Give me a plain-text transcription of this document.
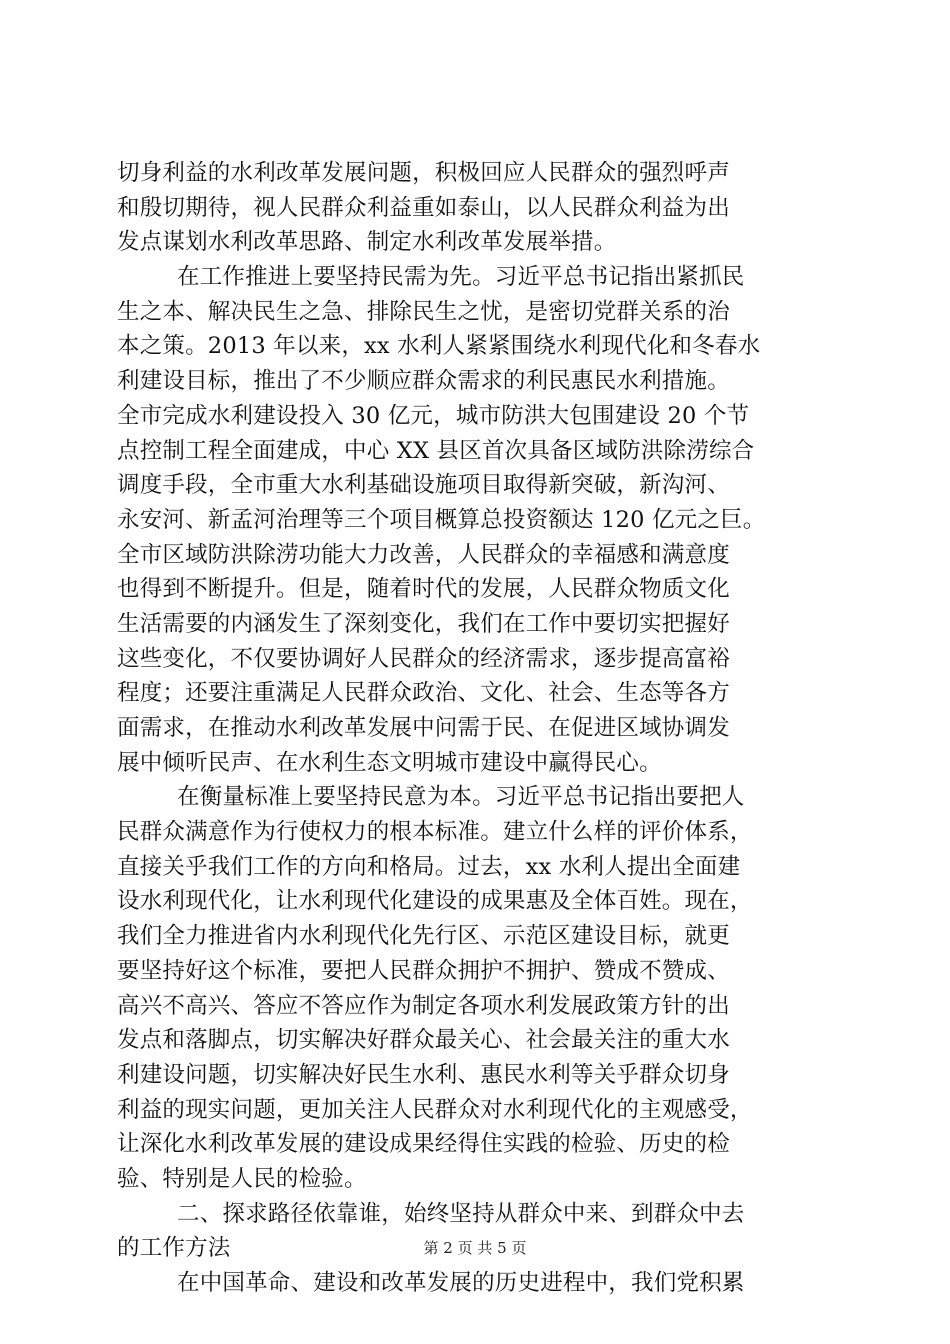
切身利益的水利改革发展问题，积极回应人民群众的强烈呼声
和殷切期待，视人民群众利益重如泰山，以人民群众利益为出
发点谋划水利改革思路、制定水利改革发展举措。
在工作推进上要坚持民需为先。习近平总书记指出紧抓民
生之本、解决民生之急、排除民生之忧，是密切党群关系的治
本之策。2013 年以来，xx 水利人紧紧围绕水利现代化和冬春水
利建设目标，推出了不少顺应群众需求的利民惠民水利措施。
全市完成水利建设投入 30 亿元，城市防洪大包围建设 20 个节
点控制工程全面建成，中心 XX 县区首次具备区域防洪除涝综合
调度手段，全市重大水利基础设施项目取得新突破，新沟河、
永安河、新孟河治理等三个项目概算总投资额达 120 亿元之巨。
全市区域防洪除涝功能大力改善，人民群众的幸福感和满意度
也得到不断提升。但是，随着时代的发展，人民群众物质文化
生活需要的内涵发生了深刻变化，我们在工作中要切实把握好
这些变化，不仅要协调好人民群众的经济需求，逐步提高富裕
程度；还要注重满足人民群众政治、文化、社会、生态等各方
面需求，在推动水利改革发展中问需于民、在促进区域协调发
展中倾听民声、在水利生态文明城市建设中赢得民心。
在衡量标准上要坚持民意为本。习近平总书记指出要把人
民群众满意作为行使权力的根本标准。建立什么样的评价体系，
直接关乎我们工作的方向和格局。过去，xx 水利人提出全面建
设水利现代化，让水利现代化建设的成果惠及全体百姓。现在，
我们全力推进省内水利现代化先行区、示范区建设目标，就更
要坚持好这个标准，要把人民群众拥护不拥护、赞成不赞成、
高兴不高兴、答应不答应作为制定各项水利发展政策方针的出
发点和落脚点，切实解决好群众最关心、社会最关注的重大水
利建设问题，切实解决好民生水利、惠民水利等关乎群众切身
利益的现实问题，更加关注人民群众对水利现代化的主观感受，
让深化水利改革发展的建设成果经得住实践的检验、历史的检
验、特别是人民的检验。
二、探求路径依靠谁，始终坚持从群众中来、到群众中去
的工作方法
在中国革命、建设和改革发展的历史进程中，我们党积累
第 2 页 共 5 页
